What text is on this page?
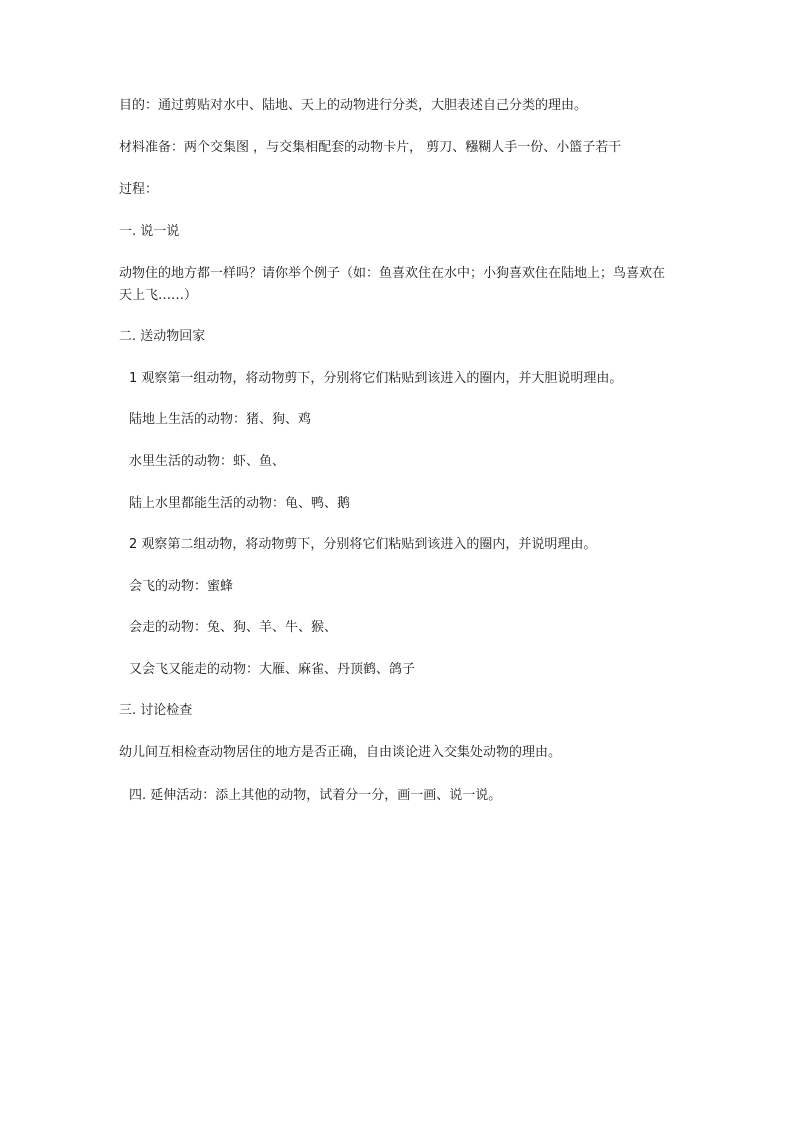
目的：通过剪贴对水中、陆地、天上的动物进行分类，大胆表述自己分类的理由。
材料准备：两个交集图 ，与交集相配套的动物卡片， 剪刀、糨糊人手一份、小篮子若干
过程：
一. 说一说
动物住的地方都一样吗？请你举个例子（如：鱼喜欢住在水中；小狗喜欢住在陆地上；鸟喜欢在天上飞……）
二. 送动物回家
1 观察第一组动物，将动物剪下，分别将它们粘贴到该进入的圈内，并大胆说明理由。
陆地上生活的动物：猪、狗、鸡
水里生活的动物：虾、鱼、
陆上水里都能生活的动物：龟、鸭、鹅
2 观察第二组动物，将动物剪下，分别将它们粘贴到该进入的圈内，并说明理由。
会飞的动物：蜜蜂
会走的动物：兔、狗、羊、牛、猴、
又会飞又能走的动物：大雁、麻雀、丹顶鹤、鸽子
三. 讨论检查
幼儿间互相检查动物居住的地方是否正确，自由谈论进入交集处动物的理由。
四. 延伸活动：添上其他的动物，试着分一分，画一画、说一说。
